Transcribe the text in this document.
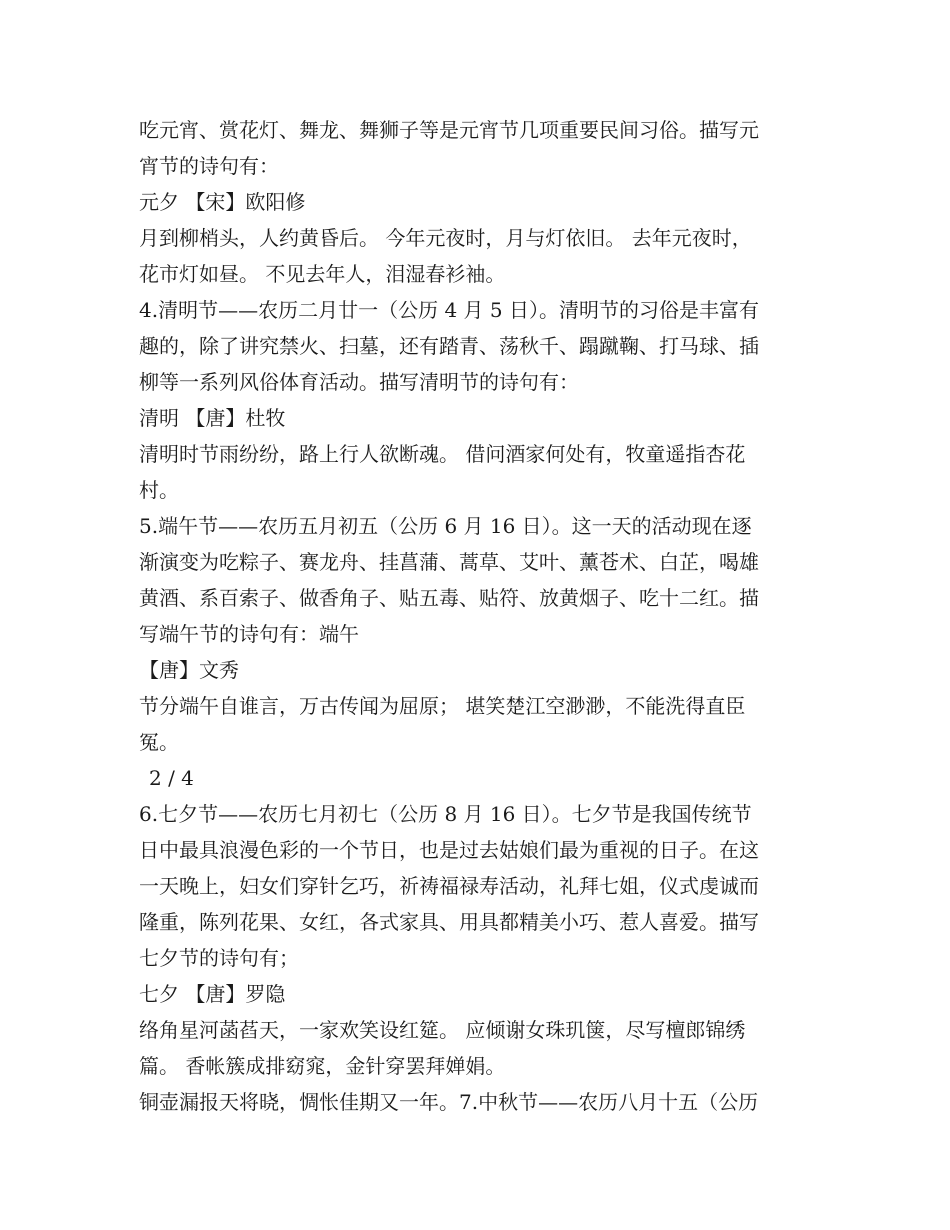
吃元宵、赏花灯、舞龙、舞狮子等是元宵节几项重要民间习俗。描写元
宵节的诗句有：
元夕 【宋】欧阳修
月到柳梢头，人约黄昏后。 今年元夜时，月与灯依旧。 去年元夜时，
花市灯如昼。 不见去年人，泪湿春衫袖。
4.清明节——农历二月廿一（公历 4 月 5 日）。清明节的习俗是丰富有
趣的，除了讲究禁火、扫墓，还有踏青、荡秋千、蹋蹴鞠、打马球、插
柳等一系列风俗体育活动。描写清明节的诗句有：
清明 【唐】杜牧
清明时节雨纷纷，路上行人欲断魂。 借问酒家何处有，牧童遥指杏花
村。
5.端午节——农历五月初五（公历 6 月 16 日）。这一天的活动现在逐
渐演变为吃粽子、赛龙舟、挂菖蒲、蒿草、艾叶、薰苍术、白芷，喝雄
黄酒、系百索子、做香角子、贴五毒、贴符、放黄烟子、吃十二红。描
写端午节的诗句有：端午
【唐】文秀
节分端午自谁言，万古传闻为屈原； 堪笑楚江空渺渺，不能洗得直臣
冤。
2 / 4
6.七夕节——农历七月初七（公历 8 月 16 日）。七夕节是我国传统节
日中最具浪漫色彩的一个节日，也是过去姑娘们最为重视的日子。在这
一天晚上，妇女们穿针乞巧，祈祷福禄寿活动，礼拜七姐，仪式虔诚而
隆重，陈列花果、女红，各式家具、用具都精美小巧、惹人喜爱。描写
七夕节的诗句有；
七夕 【唐】罗隐
络角星河菡萏天，一家欢笑设红筵。 应倾谢女珠玑箧，尽写檀郎锦绣
篇。 香帐簇成排窈窕，金针穿罢拜婵娟。
铜壶漏报天将晓，惆怅佳期又一年。7.中秋节——农历八月十五（公历
